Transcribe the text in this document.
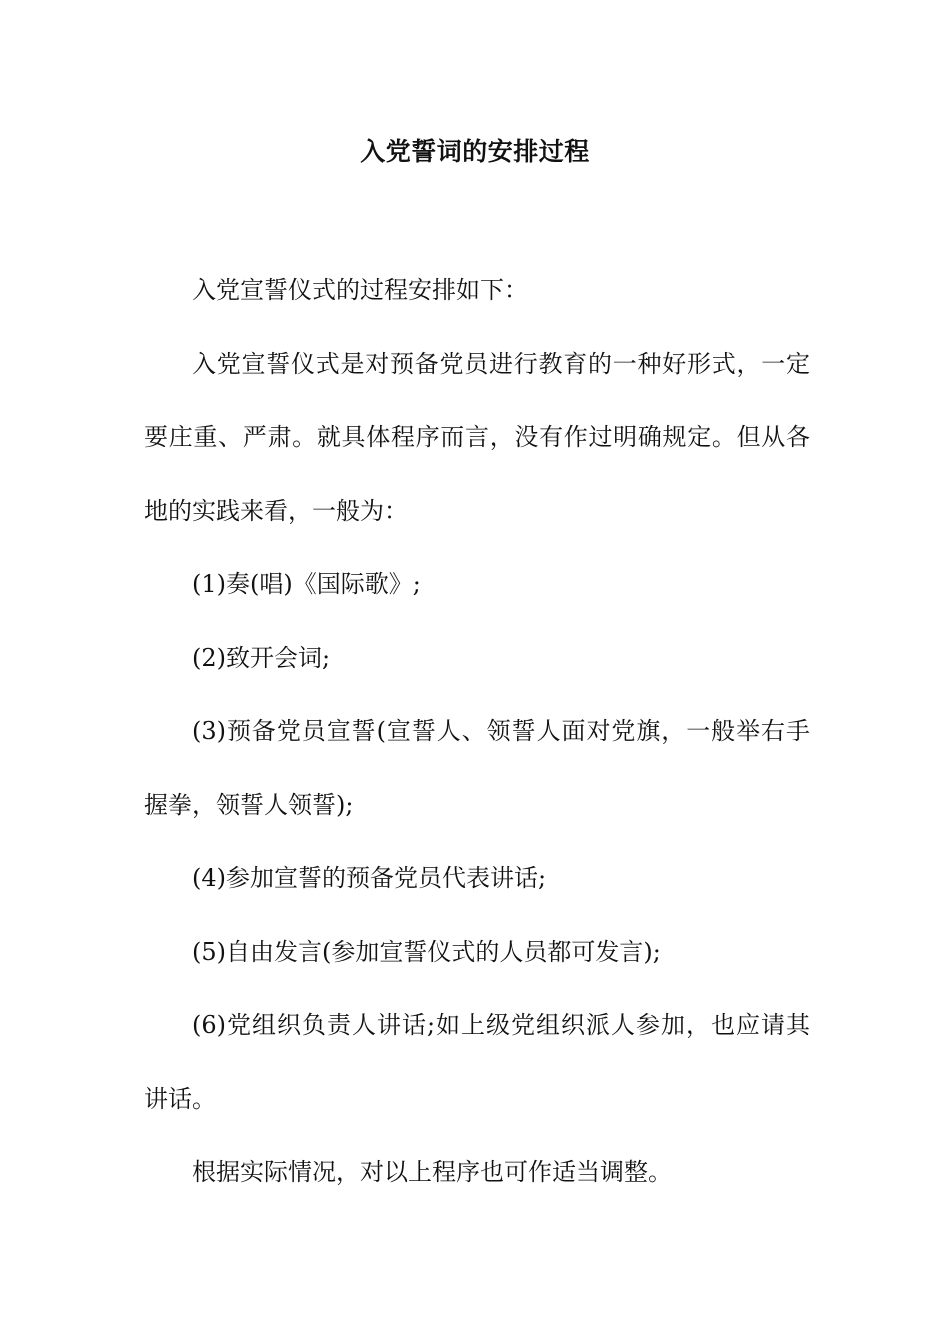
入党誓词的安排过程

入党宣誓仪式的过程安排如下：

入党宣誓仪式是对预备党员进行教育的一种好形式，一定要庄重、严肃。就具体程序而言，没有作过明确规定。但从各地的实践来看，一般为：

(1)奏(唱)《国际歌》;

(2)致开会词;

(3)预备党员宣誓(宣誓人、领誓人面对党旗，一般举右手握拳，领誓人领誓);

(4)参加宣誓的预备党员代表讲话;

(5)自由发言(参加宣誓仪式的人员都可发言);

(6)党组织负责人讲话;如上级党组织派人参加，也应请其讲话。

根据实际情况，对以上程序也可作适当调整。
